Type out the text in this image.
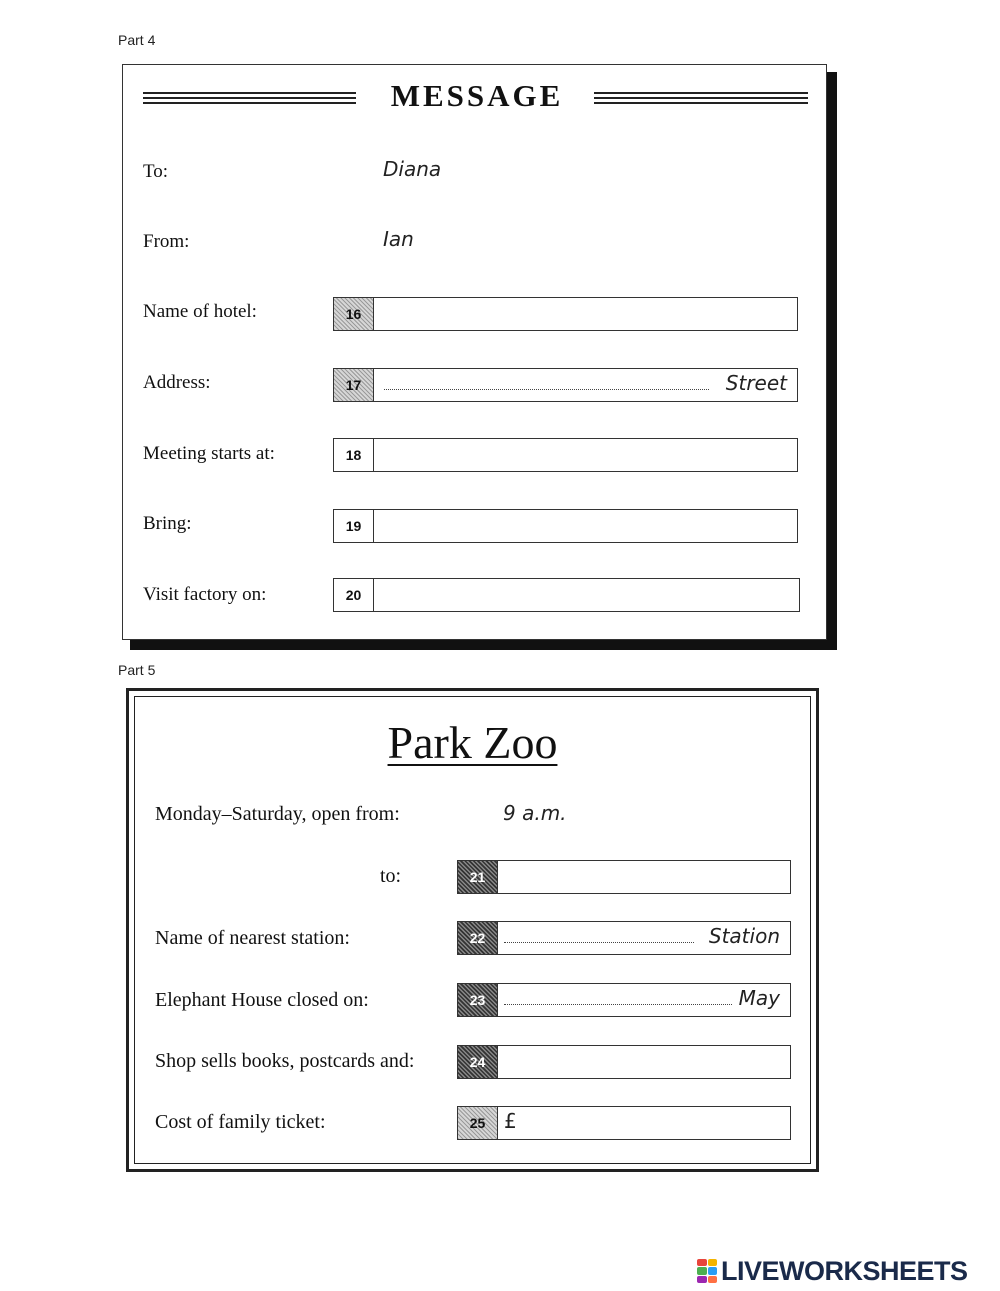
Part 4
MESSAGE
To:	Diana
From:	Ian
Name of hotel:	16
Address:	17	Street
Meeting starts at:	18
Bring:	19
Visit factory on:	20
Part 5
Park Zoo
Monday–Saturday, open from:	9 a.m.
to:	21
Name of nearest station:	22	Station
Elephant House closed on:	23	May
Shop sells books, postcards and:	24
Cost of family ticket:	25 £
LIVEWORKSHEETS
